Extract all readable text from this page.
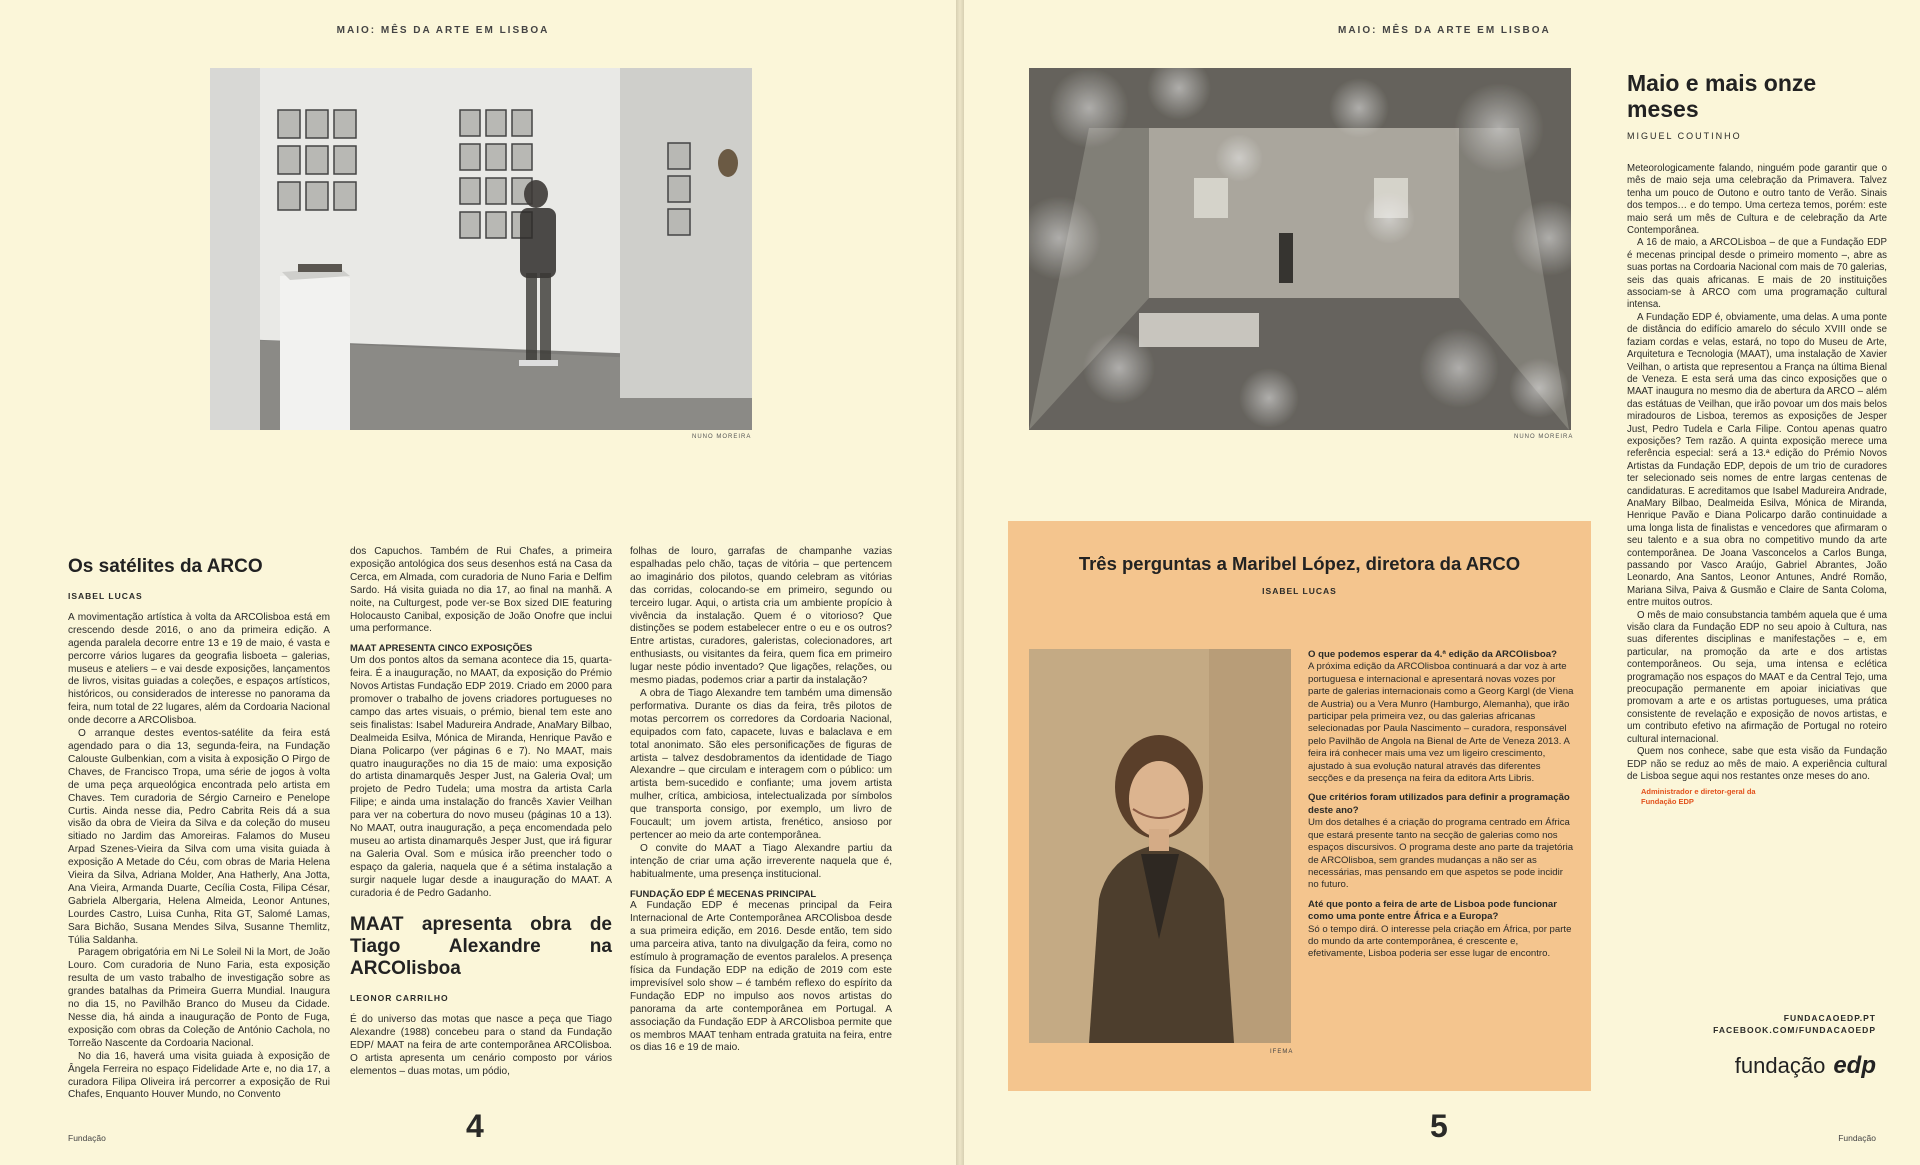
MAIO: MÊS DA ARTE EM LISBOA
NUNO MOREIRA
Os satélites da ARCO
ISABEL LUCAS

A movimentação artística à volta da ARCOlisboa está em crescendo desde 2016, o ano da primeira edição. A agenda paralela decorre entre 13 e 19 de maio, é vasta e percorre vários lugares da geografia lisboeta – galerias, museus e ateliers – e vai desde exposições, lançamentos de livros, visitas guiadas a coleções, e espaços artísticos, históricos, ou considerados de interesse no panorama da feira, num total de 22 lugares, além da Cordoaria Nacional onde decorre a ARCOlisboa.

O arranque destes eventos-satélite da feira está agendado para o dia 13, segunda-feira, na Fundação Calouste Gulbenkian, com a visita à exposição O Pirgo de Chaves, de Francisco Tropa, uma série de jogos à volta de uma peça arqueológica encontrada pelo artista em Chaves. Tem curadoria de Sérgio Carneiro e Penelope Curtis. Ainda nesse dia, Pedro Cabrita Reis dá a sua visão da obra de Vieira da Silva e da coleção do museu sitiado no Jardim das Amoreiras. Falamos do Museu Arpad Szenes-Vieira da Silva com uma visita guiada à exposição A Metade do Céu, com obras de Maria Helena Vieira da Silva, Adriana Molder, Ana Hatherly, Ana Jotta, Ana Vieira, Armanda Duarte, Cecília Costa, Filipa César, Gabriela Albergaria, Helena Almeida, Leonor Antunes, Lourdes Castro, Luisa Cunha, Rita GT, Salomé Lamas, Sara Bichão, Susana Mendes Silva, Susanne Themlitz, Túlia Saldanha.

Paragem obrigatória em Ni Le Soleil Ni la Mort, de João Louro. Com curadoria de Nuno Faria, esta exposição resulta de um vasto trabalho de investigação sobre as grandes batalhas da Primeira Guerra Mundial. Inaugura no dia 15, no Pavilhão Branco do Museu da Cidade. Nesse dia, há ainda a inauguração de Ponto de Fuga, exposição com obras da Coleção de António Cachola, no Torreão Nascente da Cordoaria Nacional.

No dia 16, haverá uma visita guiada à exposição de Ângela Ferreira no espaço Fidelidade Arte e, no dia 17, a curadora Filipa Oliveira irá percorrer a exposição de Rui Chafes, Enquanto Houver Mundo, no Convento

dos Capuchos. Também de Rui Chafes, a primeira exposição antológica dos seus desenhos está na Casa da Cerca, em Almada, com curadoria de Nuno Faria e Delfim Sardo. Há visita guiada no dia 17, ao final na manhã. A noite, na Culturgest, pode ver-se Box sized DIE featuring Holocausto Canibal, exposição de João Onofre que inclui uma performance.

MAAT APRESENTA CINCO EXPOSIÇÕES

Um dos pontos altos da semana acontece dia 15, quarta-feira. É a inauguração, no MAAT, da exposição do Prémio Novos Artistas Fundação EDP 2019. Criado em 2000 para promover o trabalho de jovens criadores portugueses no campo das artes visuais, o prémio, bienal tem este ano seis finalistas: Isabel Madureira Andrade, AnaMary Bilbao, Dealmeida Esilva, Mónica de Miranda, Henrique Pavão e Diana Policarpo (ver páginas 6 e 7). No MAAT, mais quatro inaugurações no dia 15 de maio: uma exposição do artista dinamarquês Jesper Just, na Galeria Oval; um projeto de Pedro Tudela; uma mostra da artista Carla Filipe; e ainda uma instalação do francês Xavier Veilhan para ver na cobertura do novo museu (páginas 10 a 13). No MAAT, outra inauguração, a peça encomendada pelo museu ao artista dinamarquês Jesper Just, que irá figurar na Galeria Oval. Som e música irão preencher todo o espaço da galeria, naquela que é a sétima instalação a surgir naquele lugar desde a inauguração do MAAT. A curadoria é de Pedro Gadanho.

MAAT apresenta obra de Tiago Alexandre na ARCOlisboa
LEONOR CARRILHO

É do universo das motas que nasce a peça que Tiago Alexandre (1988) concebeu para o stand da Fundação EDP/ MAAT na feira de arte contemporânea ARCOlisboa. O artista apresenta um cenário composto por vários elementos – duas motas, um pódio,

folhas de louro, garrafas de champanhe vazias espalhadas pelo chão, taças de vitória – que pertencem ao imaginário dos pilotos, quando celebram as vitórias das corridas, colocando-se em primeiro, segundo ou terceiro lugar. Aqui, o artista cria um ambiente propício à vivência da instalação. Quem é o vitorioso? Que distinções se podem estabelecer entre o eu e os outros? Entre artistas, curadores, galeristas, colecionadores, art enthusiasts, ou visitantes da feira, quem fica em primeiro lugar neste pódio inventado? Que ligações, relações, ou mesmo piadas, podemos criar a partir da instalação?

A obra de Tiago Alexandre tem também uma dimensão performativa. Durante os dias da feira, três pilotos de motas percorrem os corredores da Cordoaria Nacional, equipados com fato, capacete, luvas e balaclava e em total anonimato. São eles personificações de figuras de artista – talvez desdobramentos da identidade de Tiago Alexandre – que circulam e interagem com o público: um artista bem-sucedido e confiante; uma jovem artista mulher, crítica, ambiciosa, intelectualizada por símbolos que transporta consigo, por exemplo, um livro de Foucault; um jovem artista, frenético, ansioso por pertencer ao meio da arte contemporânea.

O convite do MAAT a Tiago Alexandre partiu da intenção de criar uma ação irreverente naquela que é, habitualmente, uma presença institucional.

FUNDAÇÃO EDP É MECENAS PRINCIPAL

A Fundação EDP é mecenas principal da Feira Internacional de Arte Contemporânea ARCOlisboa desde a sua primeira edição, em 2016. Desde então, tem sido uma parceira ativa, tanto na divulgação da feira, como no estímulo à programação de eventos paralelos. A presença física da Fundação EDP na edição de 2019 com este imprevisível solo show – é também reflexo do espírito da Fundação EDP no impulso aos novos artistas do panorama da arte contemporânea em Portugal. A associação da Fundação EDP à ARCOlisboa permite que os membros MAAT tenham entrada gratuita na feira, entre os dias 16 e 19 de maio.

Fundação	4
MAIO: MÊS DA ARTE EM LISBOA
NUNO MOREIRA
Três perguntas a Maribel López, diretora da ARCO
ISABEL LUCAS
IFEMA
O que podemos esperar da 4.ª edição da ARCOlisboa?
A próxima edição da ARCOlisboa continuará a dar voz à arte portuguesa e internacional e apresentará novas vozes por parte de galerias internacionais como a Georg Kargl (de Viena de Austria) ou a Vera Munro (Hamburgo, Alemanha), que irão participar pela primeira vez, ou das galerias africanas selecionadas por Paula Nascimento – curadora, responsável pelo Pavilhão de Angola na Bienal de Arte de Veneza 2013. A feira irá conhecer mais uma vez um ligeiro crescimento, ajustado à sua evolução natural através das diferentes secções e da presença na feira da editora Arts Libris.
Que critérios foram utilizados para definir a programação deste ano?
Um dos detalhes é a criação do programa centrado em África que estará presente tanto na secção de galerias como nos espaços discursivos. O programa deste ano parte da trajetória de ARCOlisboa, sem grandes mudanças a não ser as necessárias, mas pensando em que aspetos se pode incidir no futuro.
Até que ponto a feira de arte de Lisboa pode funcionar como uma ponte entre África e a Europa?
Só o tempo dirá. O interesse pela criação em África, por parte do mundo da arte contemporânea, é crescente e, efetivamente, Lisboa poderia ser esse lugar de encontro.
Maio e mais onze meses
MIGUEL COUTINHO

Meteorologicamente falando, ninguém pode garantir que o mês de maio seja uma celebração da Primavera. Talvez tenha um pouco de Outono e outro tanto de Verão. Sinais dos tempos… e do tempo. Uma certeza temos, porém: este maio será um mês de Cultura e de celebração da Arte Contemporânea.

A 16 de maio, a ARCOLisboa – de que a Fundação EDP é mecenas principal desde o primeiro momento –, abre as suas portas na Cordoaria Nacional com mais de 70 galerias, seis das quais africanas. E mais de 20 instituições associam-se à ARCO com uma programação cultural intensa.

A Fundação EDP é, obviamente, uma delas. A uma ponte de distância do edifício amarelo do século XVIII onde se faziam cordas e velas, estará, no topo do Museu de Arte, Arquitetura e Tecnologia (MAAT), uma instalação de Xavier Veilhan, o artista que representou a França na última Bienal de Veneza. E esta será uma das cinco exposições que o MAAT inaugura no mesmo dia de abertura da ARCO – além das estátuas de Veilhan, que irão povoar um dos mais belos miradouros de Lisboa, teremos as exposições de Jesper Just, Pedro Tudela e Carla Filipe. Contou apenas quatro exposições? Tem razão. A quinta exposição merece uma referência especial: será a 13.ª edição do Prémio Novos Artistas da Fundação EDP, depois de um trio de curadores ter selecionado seis nomes de entre largas centenas de candidaturas. E acreditamos que Isabel Madureira Andrade, AnaMary Bilbao, Dealmeida Esilva, Mónica de Miranda, Henrique Pavão e Diana Policarpo darão continuidade a uma longa lista de finalistas e vencedores que afirmaram o seu talento e a sua obra no competitivo mundo da arte contemporânea. De Joana Vasconcelos a Carlos Bunga, passando por Vasco Araújo, Gabriel Abrantes, João Leonardo, Ana Santos, Leonor Antunes, André Romão, Mariana Silva, Paiva & Gusmão e Claire de Santa Coloma, entre muitos outros.

O mês de maio consubstancia também aquela que é uma visão clara da Fundação EDP no seu apoio à Cultura, nas suas diferentes disciplinas e manifestações – e, em particular, na promoção da arte e dos artistas contemporâneos. Ou seja, uma intensa e eclética programação nos espaços do MAAT e da Central Tejo, uma preocupação permanente em apoiar iniciativas que promovam a arte e os artistas portugueses, uma prática consistente de revelação e exposição de novos artistas, e um contributo efetivo na afirmação de Portugal no roteiro cultural internacional.

Quem nos conhece, sabe que esta visão da Fundação EDP não se reduz ao mês de maio. A experiência cultural de Lisboa segue aqui nos restantes onze meses do ano.

Administrador e diretor-geral da Fundação EDP
FUNDACAOEDP.PT
FACEBOOK.COM/FUNDACAOEDP
fundação edp
5	Fundação
